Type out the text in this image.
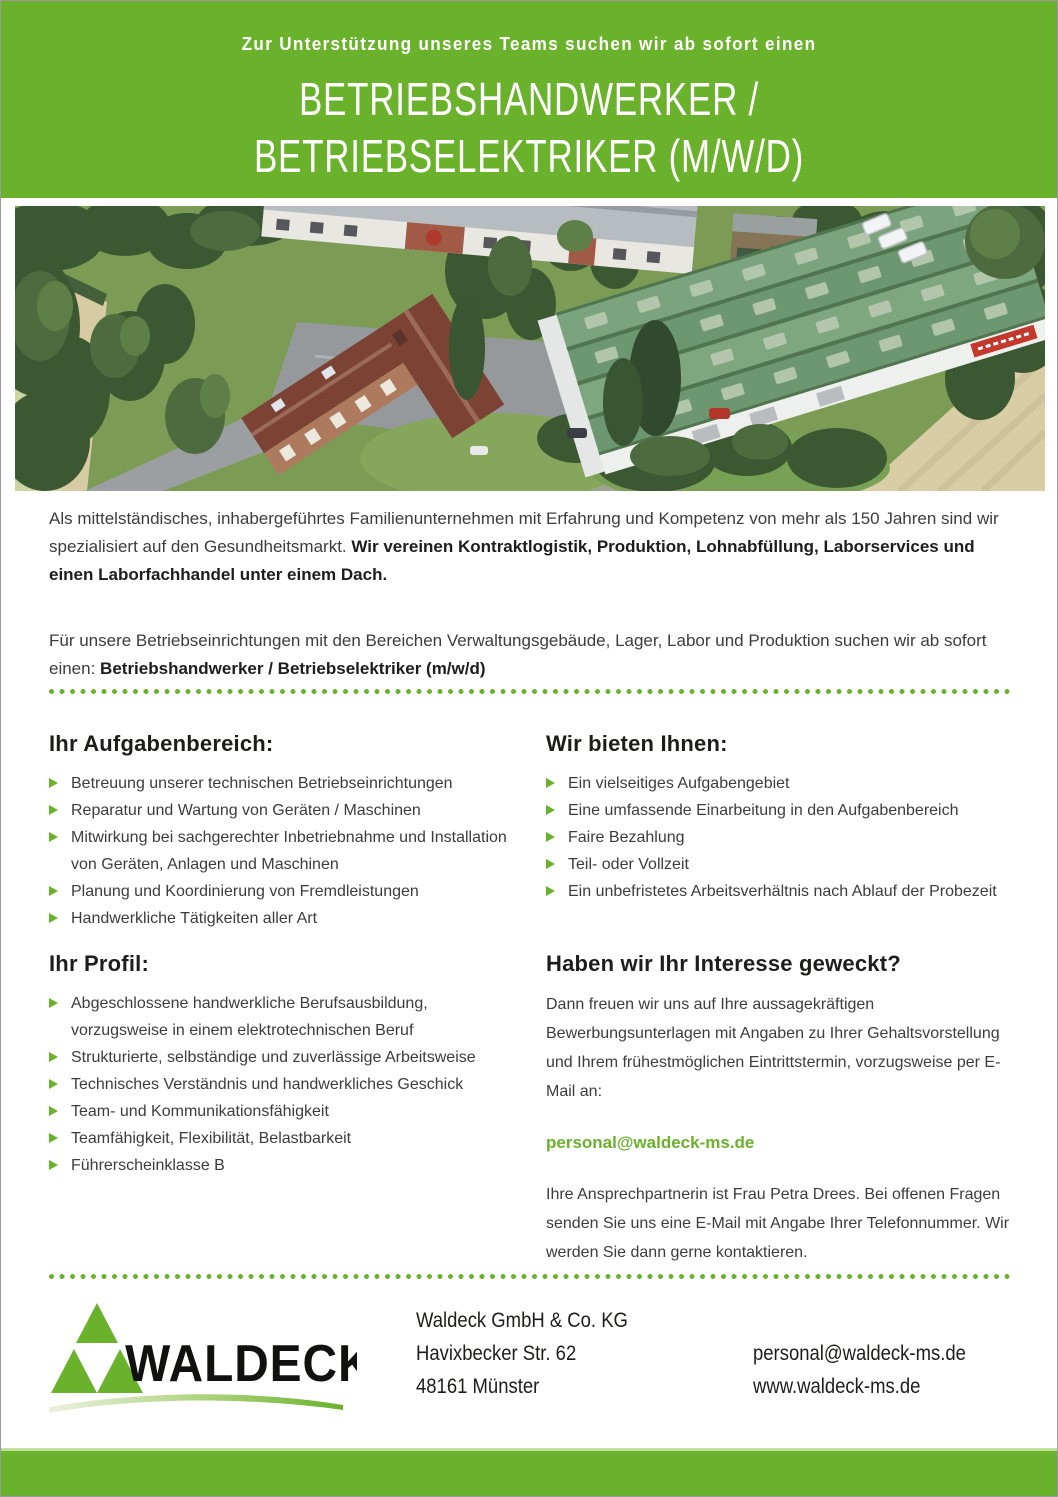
Zur Unterstützung unseres Teams suchen wir ab sofort einen
BETRIEBSHANDWERKER /
BETRIEBSELEKTRIKER (M/W/D)

Als mittelständisches, inhabergeführtes Familienunternehmen mit Erfahrung und Kompetenz von mehr als 150 Jahren sind wir spezialisiert auf den Gesundheitsmarkt. Wir vereinen Kontraktlogistik, Produktion, Lohnabfüllung, Laborservices und einen Laborfachhandel unter einem Dach.

Für unsere Betriebseinrichtungen mit den Bereichen Verwaltungsgebäude, Lager, Labor und Produktion suchen wir ab sofort einen: Betriebshandwerker / Betriebselektriker (m/w/d)

Ihr Aufgabenbereich:
Betreuung unserer technischen Betriebseinrichtungen
Reparatur und Wartung von Geräten / Maschinen
Mitwirkung bei sachgerechter Inbetriebnahme und Installation von Geräten, Anlagen und Maschinen
Planung und Koordinierung von Fremdleistungen
Handwerkliche Tätigkeiten aller Art
Wir bieten Ihnen:
Ein vielseitiges Aufgabengebiet
Eine umfassende Einarbeitung in den Aufgabenbereich
Faire Bezahlung
Teil- oder Vollzeit
Ein unbefristetes Arbeitsverhältnis nach Ablauf der Probezeit
Ihr Profil:
Abgeschlossene handwerkliche Berufsausbildung, vorzugsweise in einem elektrotechnischen Beruf
Strukturierte, selbständige und zuverlässige Arbeitsweise
Technisches Verständnis und handwerkliches Geschick
Team- und Kommunikationsfähigkeit
Teamfähigkeit, Flexibilität, Belastbarkeit
Führerscheinklasse B
Haben wir Ihr Interesse geweckt?

Dann freuen wir uns auf Ihre aussagekräftigen Bewerbungsunterlagen mit Angaben zu Ihrer Gehaltsvorstellung und Ihrem frühestmöglichen Eintrittstermin, vorzugsweise per E-Mail an:

personal@waldeck-ms.de

Ihre Ansprechpartnerin ist Frau Petra Drees. Bei offenen Fragen senden Sie uns eine E-Mail mit Angabe Ihrer Telefonnummer. Wir werden Sie dann gerne kontaktieren.

WALDECK
Waldeck GmbH & Co. KG
Havixbecker Str. 62
48161 Münster
personal@waldeck-ms.de
www.waldeck-ms.de
